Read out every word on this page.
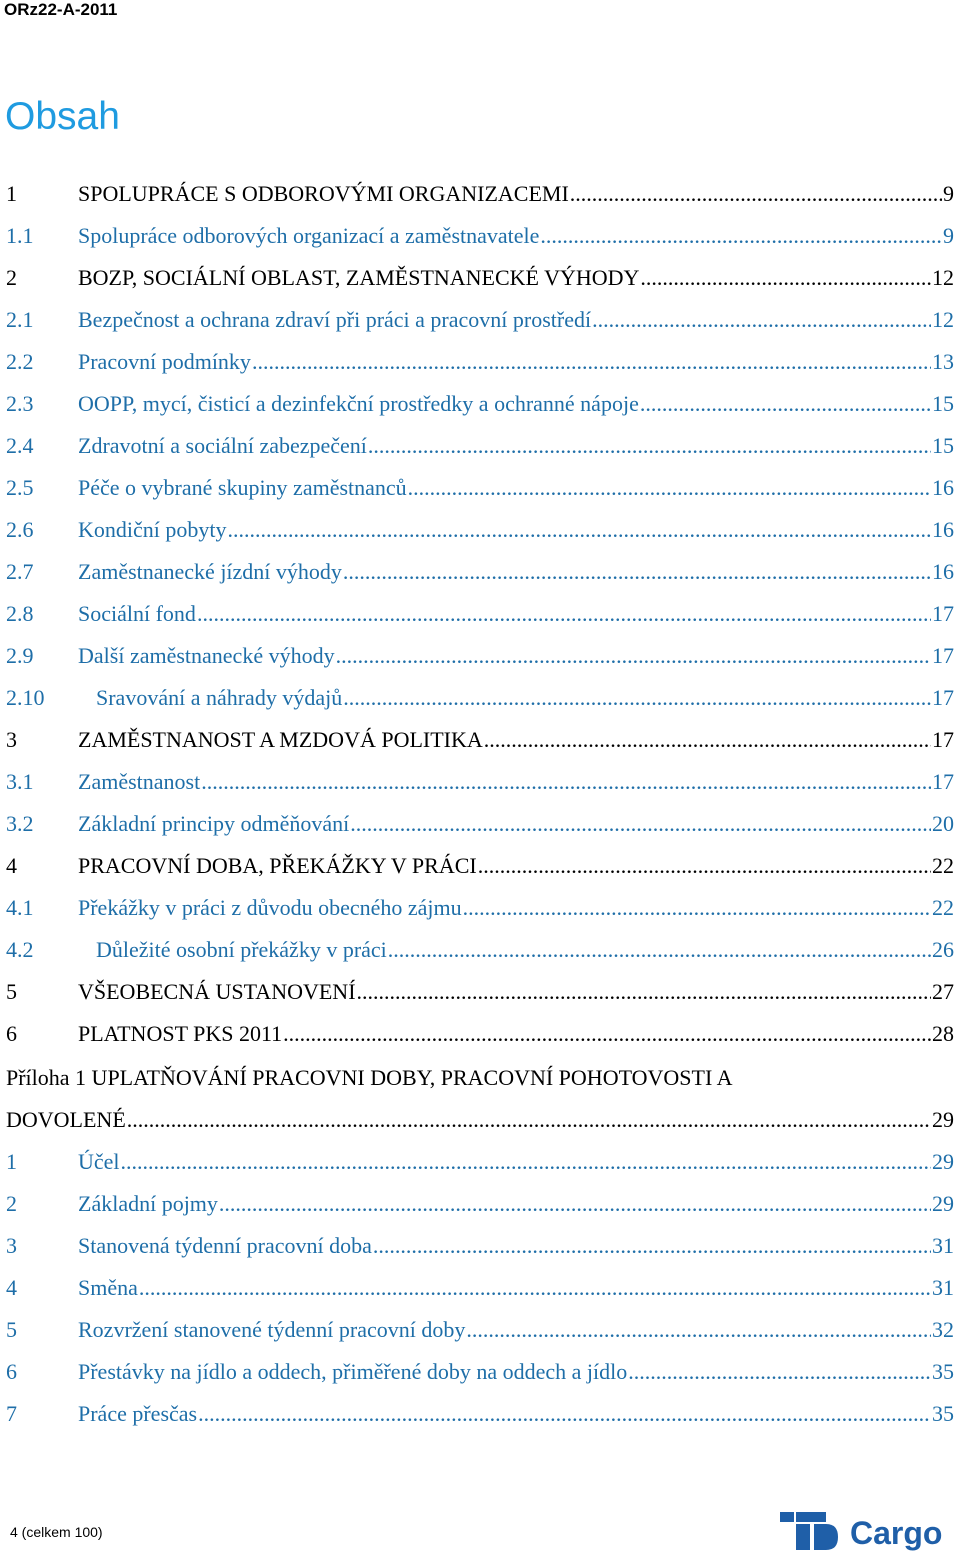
ORz22-A-2011
Obsah
1	SPOLUPRÁCE S ODBOROVÝMI ORGANIZACEMI .....	9
1.1	Spolupráce odborových organizací a zaměstnavatele .....	9
2	BOZP, SOCIÁLNÍ OBLAST, ZAMĚSTNANECKÉ VÝHODY .....	12
2.1	Bezpečnost a ochrana zdraví při práci a pracovní prostředí .....	12
2.2	Pracovní podmínky .....	13
2.3	OOPP, mycí, čisticí a dezinfekční prostředky a ochranné nápoje .....	15
2.4	Zdravotní a sociální zabezpečení .....	15
2.5	Péče o vybrané skupiny zaměstnanců .....	16
2.6	Kondiční pobyty .....	16
2.7	Zaměstnanecké jízdní výhody .....	16
2.8	Sociální fond .....	17
2.9	Další zaměstnanecké výhody .....	17
2.10	Sravování a náhrady výdajů .....	17
3	ZAMĚSTNANOST A MZDOVÁ POLITIKA .....	17
3.1	Zaměstnanost .....	17
3.2	Základní principy odměňování .....	20
4	PRACOVNÍ DOBA, PŘEKÁŽKY V PRÁCI .....	22
4.1	Překážky v práci z důvodu obecného zájmu .....	22
4.2	Důležité osobní překážky v práci .....	26
5	VŠEOBECNÁ USTANOVENÍ .....	27
6	PLATNOST PKS 2011 .....	28
Příloha 1 UPLATŇOVÁNÍ PRACOVNI DOBY, PRACOVNÍ POHOTOVOSTI A
DOVOLENÉ .....	29
1	Účel .....	29
2	Základní pojmy .....	29
3	Stanovená týdenní pracovní doba .....	31
4	Směna .....	31
5	Rozvržení stanovené týdenní pracovní doby .....	32
6	Přestávky na jídlo a oddech, přiměřené doby na oddech a jídlo .....	35
7	Práce přesčas .....	35
4 (celkem 100)	Cargo
